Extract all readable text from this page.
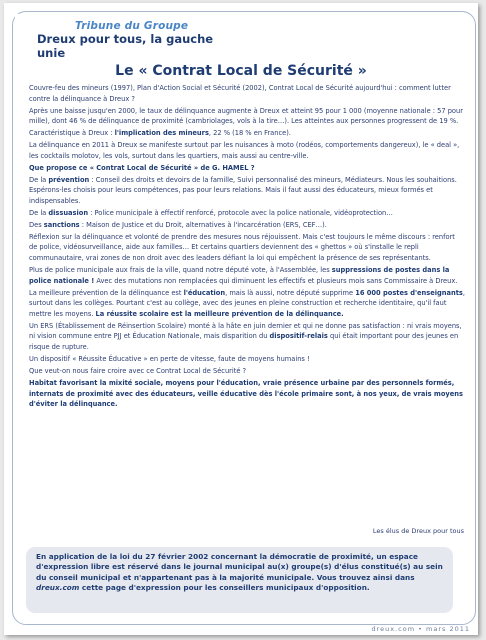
Tribune du Groupe
Dreux pour tous, la gauche unie
Le « Contrat Local de Sécurité »

Couvre-feu des mineurs (1997), Plan d'Action Social et Sécurité (2002), Contrat Local de Sécurité aujourd'hui : comment lutter contre la délinquance à Dreux ?

Après une baisse jusqu'en 2000, le taux de délinquance augmente à Dreux et atteint 95 pour 1 000 (moyenne nationale : 57 pour mille), dont 46 % de délinquance de proximité (cambriolages, vols à la tire…). Les atteintes aux personnes progressent de 19 %.

Caractéristique à Dreux : l'implication des mineurs, 22 % (18 % en France).

La délinquance en 2011 à Dreux se manifeste surtout par les nuisances à moto (rodéos, comportements dangereux), le « deal », les cocktails molotov, les vols, surtout dans les quartiers, mais aussi au centre-ville.

Que propose ce « Contrat Local de Sécurité » de G. HAMEL ?

De la prévention : Conseil des droits et devoirs de la famille, Suivi personnalisé des mineurs, Médiateurs. Nous les souhaitions. Espérons-les choisis pour leurs compétences, pas pour leurs relations. Mais il faut aussi des éducateurs, mieux formés et indispensables.

De la dissuasion : Police municipale à effectif renforcé, protocole avec la police nationale, vidéoprotection…

Des sanctions : Maison de Justice et du Droit, alternatives à l'incarcération (ERS, CEF…).

Réflexion sur la délinquance et volonté de prendre des mesures nous réjouissent. Mais c'est toujours le même discours : renfort de police, vidéosurveillance, aide aux familles… Et certains quartiers deviennent des « ghettos » où s'installe le repli communautaire, vrai zones de non droit avec des leaders défiant la loi qui empêchent la présence de ses représentants.

Plus de police municipale aux frais de la ville, quand notre député vote, à l'Assemblée, les suppressions de postes dans la police nationale ! Avec des mutations non remplacées qui diminuent les effectifs et plusieurs mois sans Commissaire à Dreux.

La meilleure prévention de la délinquance est l'éducation, mais là aussi, notre député supprime 16 000 postes d'enseignants, surtout dans les collèges. Pourtant c'est au collège, avec des jeunes en pleine construction et recherche identitaire, qu'il faut mettre les moyens. La réussite scolaire est la meilleure prévention de la délinquance.

Un ERS (Établissement de Réinsertion Scolaire) monté à la hâte en juin dernier et qui ne donne pas satisfaction : ni vrais moyens, ni vision commune entre PJJ et Éducation Nationale, mais disparition du dispositif-relais qui était important pour des jeunes en risque de rupture.

Un dispositif « Réussite Éducative » en perte de vitesse, faute de moyens humains !

Que veut-on nous faire croire avec ce Contrat Local de Sécurité ?

Habitat favorisant la mixité sociale, moyens pour l'éducation, vraie présence urbaine par des personnels formés, internats de proximité avec des éducateurs, veille éducative dès l'école primaire sont, à nos yeux, de vrais moyens d'éviter la délinquance.

Les élus de Dreux pour tous
En application de la loi du 27 février 2002 concernant la démocratie de proximité, un espace d'expression libre est réservé dans le journal municipal au(x) groupe(s) d'élus constitué(s) au sein du conseil municipal et n'appartenant pas à la majorité municipale. Vous trouvez ainsi dans dreux.com cette page d'expression pour les conseillers municipaux d'opposition.
dreux.com • mars 2011
